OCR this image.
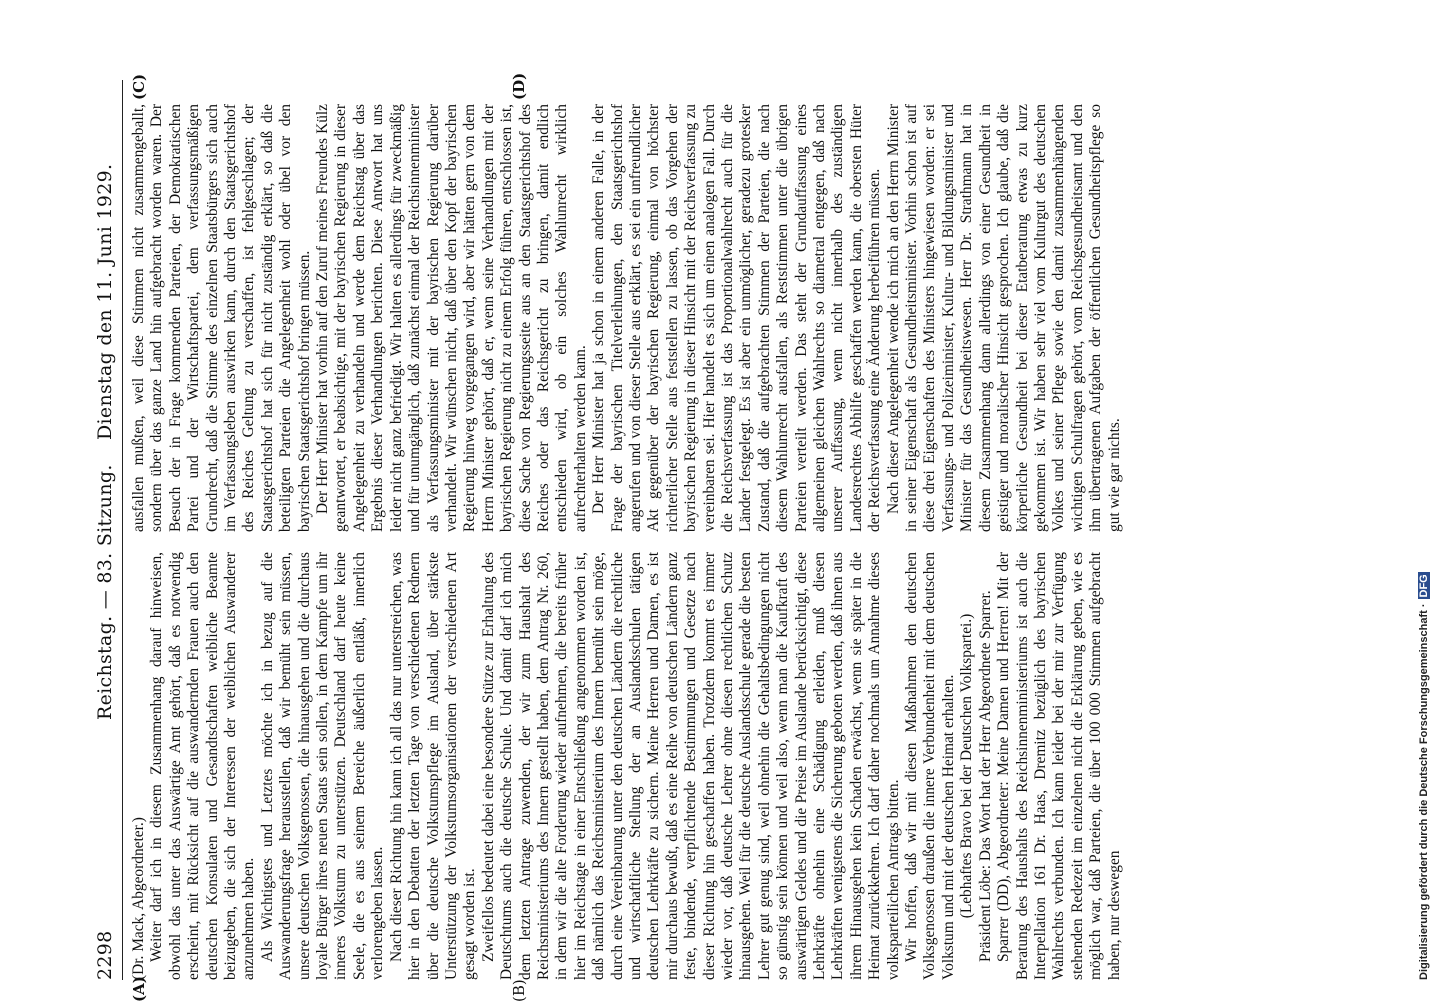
2298
Reichstag. — 83. Sitzung.
Dienstag den 11. Juni 1929.
(A)	(B)
(C)	(D)

(Dr. Mack, Abgeordneter.) Weiter darf ich in diesem Zusammenhang darauf hinweisen, obwohl das unter das Auswärtige Amt gehört, daß es notwendig erscheint, mit Rücksicht auf die auswandernden Frauen auch den deutschen Konsulaten und Gesandtschaften weibliche Beamte beizugeben, die sich der Interessen der weiblichen Auswanderer anzunehmen haben. Als Wichtigstes und Letztes möchte ich in bezug auf die Auswanderungsfrage herausstellen, daß wir bemüht sein müssen, unsere deutschen Volksgenossen, die hinausgehen und die durchaus loyale Bürger ihres neuen Staats sein sollen, in dem Kampfe um ihr inneres Volkstum zu unterstützen. Deutschland darf heute keine Seele, die es aus seinem Bereiche äußerlich entläßt, innerlich verlorengeben lassen. Nach dieser Richtung hin kann ich all das nur unterstreichen, was hier in den Debatten der letzten Tage von verschiedenen Rednern über die deutsche Volkstumspflege im Ausland, über stärkste Unterstützung der Volkstumsorganisationen der verschiedenen Art gesagt worden ist. Zweifellos bedeutet dabei eine besondere Stütze zur Erhaltung des Deutschtums auch die deutsche Schule. Und damit darf ich mich dem letzten Antrage zuwenden, der wir zum Haushalt des Reichsministeriums des Innern gestellt haben, dem Antrag Nr. 260, in dem wir die alte Forderung wieder aufnehmen, die bereits früher hier im Reichstage in einer Entschließung angenommen worden ist, daß nämlich das Reichsministerium des Innern bemüht sein möge, durch eine Vereinbarung unter den deutschen Ländern die rechtliche und wirtschaftliche Stellung der an Auslandsschulen tätigen deutschen Lehrkräfte zu sichern. Meine Herren und Damen, es ist mir durchaus bewußt, daß es eine Reihe von deutschen Ländern ganz feste, bindende, verpflichtende Bestimmungen und Gesetze nach dieser Richtung hin geschaffen haben. Trotzdem kommt es immer wieder vor, daß deutsche Lehrer ohne diesen rechtlichen Schutz hinausgehen. Weil für die deutsche Auslandsschule gerade die besten Lehrer gut genug sind, weil ohnehin die Gehaltsbedingungen nicht so günstig sein können und weil also, wenn man die Kaufkraft des auswärtigen Geldes und die Preise im Auslande berücksichtigt, diese Lehrkräfte ohnehin eine Schädigung erleiden, muß diesen Lehrkräften wenigstens die Sicherung geboten werden, daß ihnen aus ihrem Hinausgehen kein Schaden erwächst, wenn sie später in die Heimat zurückkehren. Ich darf daher nochmals um Annahme dieses volksparteilichen Antrags bitten. Wir hoffen, daß wir mit diesen Maßnahmen den deutschen Volksgenossen draußen die innere Verbundenheit mit dem deutschen Volkstum und mit der deutschen Heimat erhalten. (Lebhaftes Bravo bei der Deutschen Volkspartei.) Präsident Löbe: Das Wort hat der Herr Abgeordnete Sparrer. Sparrer (DD), Abgeordneter: Meine Damen und Herren! Mit der Beratung des Haushalts des Reichsinnenministeriums ist auch die Interpellation 161 Dr. Haas, Dremitz bezüglich des bayrischen Wahlrechts verbunden. Ich kann leider bei der mir zur Verfügung stehenden Redezeit im einzelnen nicht die Erklärung geben, wie es möglich war, daß Parteien, die über 100 000 Stimmen aufgebracht haben, nur deswegen

ausfallen mußten, weil diese Stimmen nicht zusammengeballt, sondern über das ganze Land hin aufgebracht worden waren. Der Besuch der in Frage kommenden Parteien, der Demokratischen Partei und der Wirtschaftspartei, dem verfassungsmäßigen Grundrecht, daß die Stimme des einzelnen Staatsbürgers sich auch im Verfassungsleben auswirken kann, durch den Staatsgerichtshof des Reiches Geltung zu verschaffen, ist fehlgeschlagen; der Staatsgerichtshof hat sich für nicht zuständig erklärt, so daß die beteiligten Parteien die Angelegenheit wohl oder übel vor den bayrischen Staatsgerichtshof bringen müssen. Der Herr Minister hat vorhin auf den Zuruf meines Freundes Külz geantwortet, er beabsichtige, mit der bayrischen Regierung in dieser Angelegenheit zu verhandeln und werde dem Reichstag über das Ergebnis dieser Verhandlungen berichten. Diese Antwort hat uns leider nicht ganz befriedigt. Wir halten es allerdings für zweckmäßig und für unumgänglich, daß zunächst einmal der Reichsinnenminister als Verfassungsminister mit der bayrischen Regierung darüber verhandelt. Wir wünschen nicht, daß über den Kopf der bayrischen Regierung hinweg vorgegangen wird, aber wir hätten gern von dem Herrn Minister gehört, daß er, wenn seine Verhandlungen mit der bayrischen Regierung nicht zu einem Erfolg führen, entschlossen ist, diese Sache von Regierungsseite aus an den Staatsgerichtshof des Reiches oder das Reichsgericht zu bringen, damit endlich entschieden wird, ob ein solches Wahlunrecht wirklich aufrechterhalten werden kann. Der Herr Minister hat ja schon in einem anderen Falle, in der Frage der bayrischen Titelverleihungen, den Staatsgerichtshof angerufen und von dieser Stelle aus erklärt, es sei ein unfreundlicher Akt gegenüber der bayrischen Regierung, einmal von höchster richterlicher Stelle aus feststellen zu lassen, ob das Vorgehen der bayrischen Regierung in dieser Hinsicht mit der Reichsverfassung zu vereinbaren sei. Hier handelt es sich um einen analogen Fall. Durch die Reichsverfassung ist das Proportionalwahlrecht auch für die Länder festgelegt. Es ist aber ein unmöglicher, geradezu grotesker Zustand, daß die aufgebrachten Stimmen der Parteien, die nach diesem Wahlunrecht ausfallen, als Reststimmen unter die übrigen Parteien verteilt werden. Das steht der Grundauffassung eines allgemeinen gleichen Wahlrechts so diametral entgegen, daß nach unserer Auffassung, wenn nicht innerhalb des zuständigen Landesrechtes Abhilfe geschaffen werden kann, die obersten Hüter der Reichsverfassung eine Änderung herbeiführen müssen. Nach dieser Angelegenheit wende ich mich an den Herrn Minister in seiner Eigenschaft als Gesundheitsminister. Vorhin schon ist auf diese drei Eigenschaften des Ministers hingewiesen worden: er sei Verfassungs- und Polizeiminister, Kultur- und Bildungsminister und Minister für das Gesundheitswesen. Herr Dr. Strathmann hat in diesem Zusammenhang dann allerdings von einer Gesundheit in geistiger und moralischer Hinsicht gesprochen. Ich glaube, daß die körperliche Gesundheit bei dieser Etatberatung etwas zu kurz gekommen ist. Wir haben sehr viel vom Kulturgut des deutschen Volkes und seiner Pflege sowie den damit zusammenhängenden wichtigen Schulfragen gehört, vom Reichsgesundheitsamt und den ihm übertragenen Aufgaben der öffentlichen Gesundheitspflege so gut wie gar nichts.

Digitalisierung gefördert durch die Deutsche Forschungsgemeinschaft ·DFG
